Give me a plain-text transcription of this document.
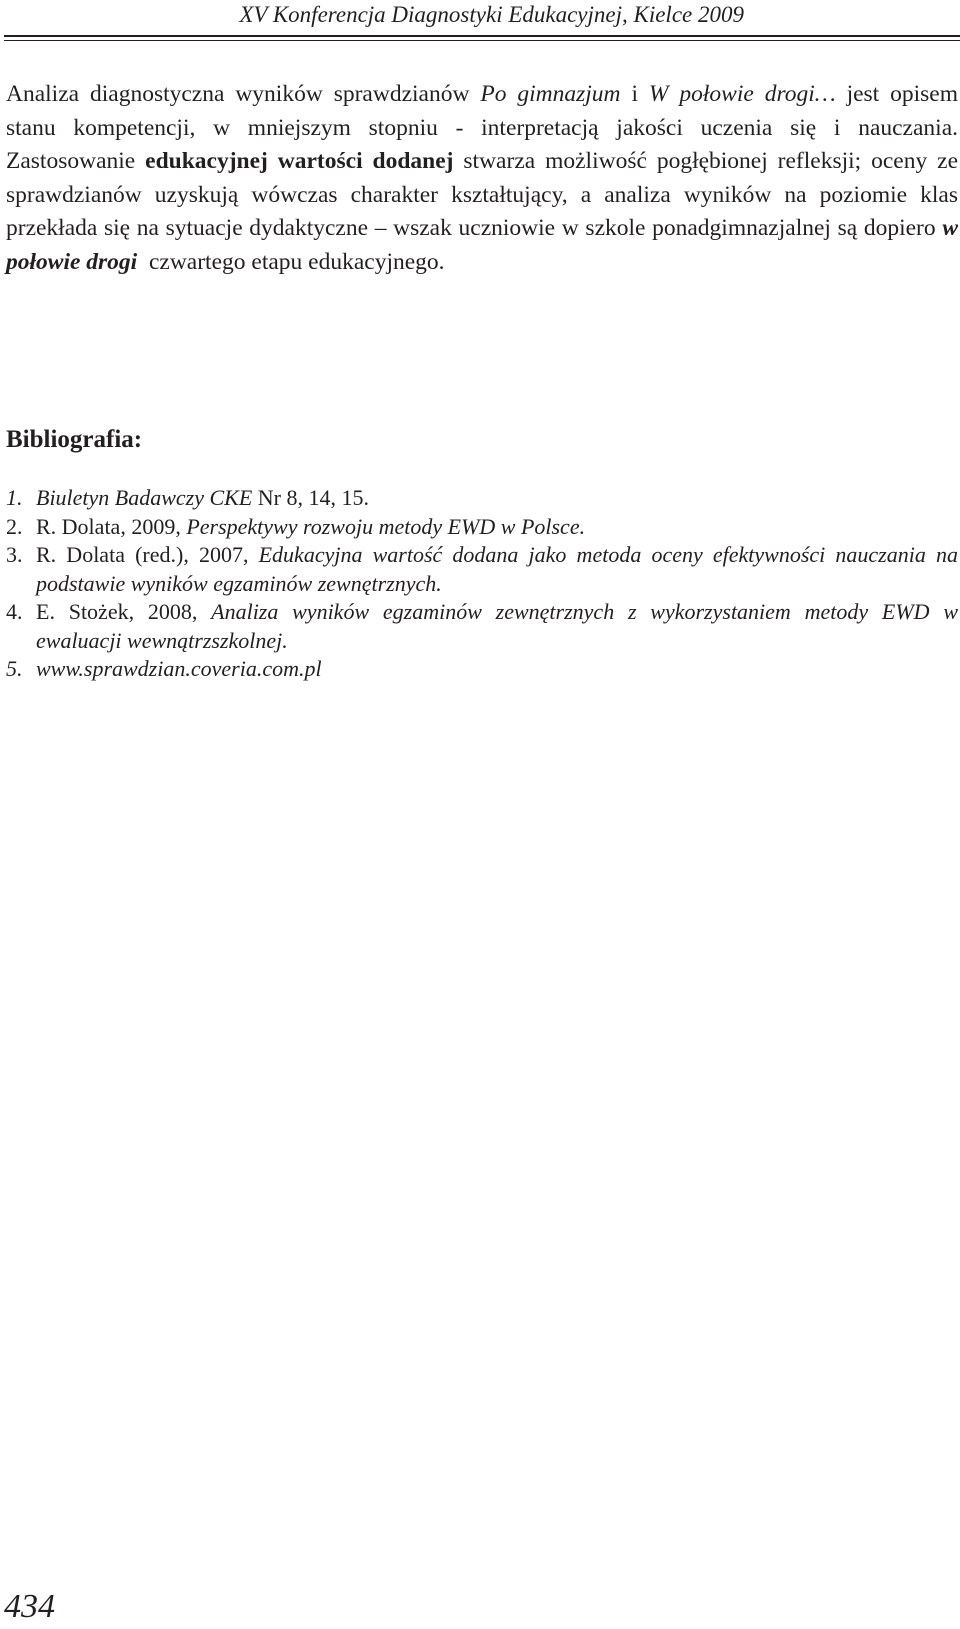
XV Konferencja Diagnostyki Edukacyjnej, Kielce 2009

Analiza diagnostyczna wyników sprawdzianów Po gimnazjum i W połowie drogi… jest opisem stanu kompetencji, w mniejszym stopniu - interpretacją jakości uczenia się i nauczania. Zastosowanie edukacyjnej wartości dodanej stwarza możliwość pogłębionej refleksji; oceny ze sprawdzianów uzyskują wówczas charakter kształtujący, a analiza wyników na poziomie klas przekłada się na sytuacje dydaktyczne – wszak uczniowie w szkole ponadgimnazjalnej są dopiero w połowie drogi  czwartego etapu edukacyjnego.

Bibliografia:
1. Biuletyn Badawczy CKE Nr 8, 14, 15.
2. R. Dolata, 2009, Perspektywy rozwoju metody EWD w Polsce.
3. R. Dolata (red.), 2007, Edukacyjna wartość dodana jako metoda oceny efektywności nauczania na podstawie wyników egzaminów zewnętrznych.
4. E. Stożek, 2008, Analiza wyników egzaminów zewnętrznych z wykorzystaniem metody EWD w ewaluacji wewnątrzszkolnej.
5. www.sprawdzian.coveria.com.pl
434
